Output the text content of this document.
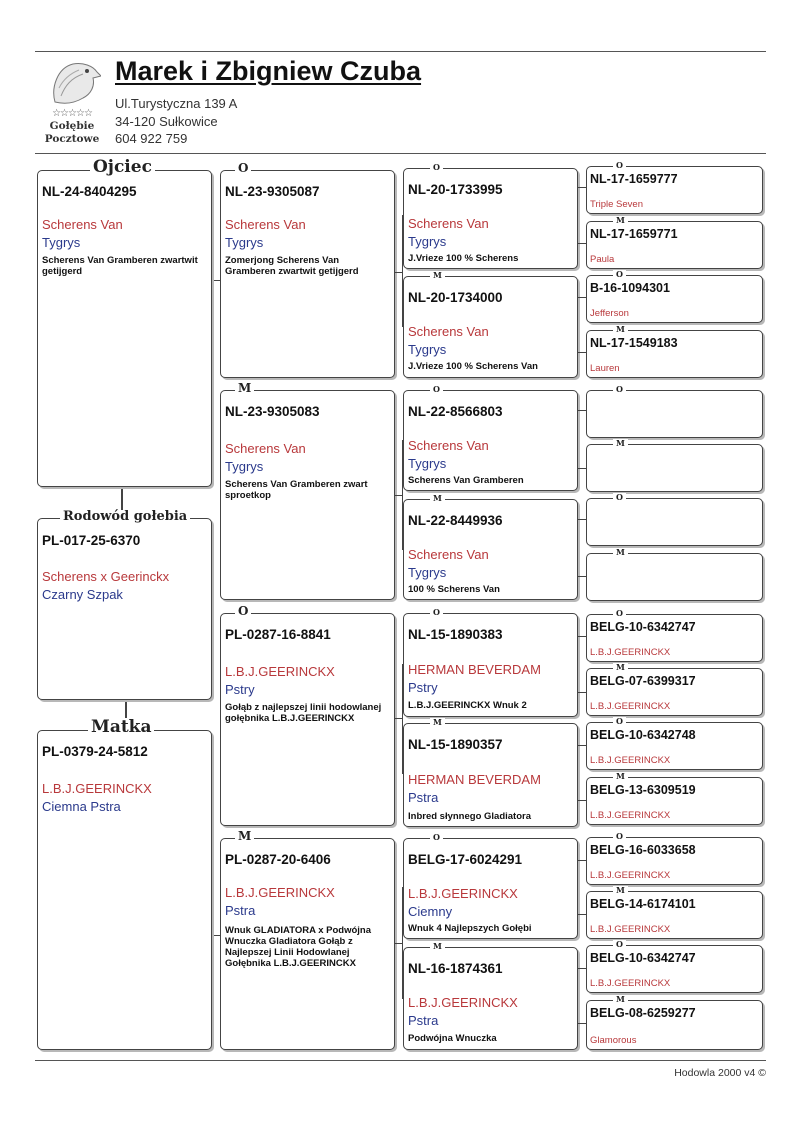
☆☆☆☆☆
Gołębie
Pocztowe
Marek i Zbigniew Czuba
Ul.Turystyczna 139 A
34-120 Sułkowice
604 922 759
Ojciec
NL-24-8404295
Scherens Van
Tygrys
Scherens Van Gramberen zwartwit getijgerd
Rodowód gołebia
PL-017-25-6370
Scherens x Geerinckx
Czarny Szpak
Matka
PL-0379-24-5812
L.B.J.GEERINCKX
Ciemna Pstra
O
NL-23-9305087
Scherens Van
Tygrys
Zomerjong Scherens Van Gramberen zwartwit getijgerd
M
NL-23-9305083
Scherens Van
Tygrys
Scherens Van Gramberen zwart sproetkop
O
PL-0287-16-8841
L.B.J.GEERINCKX
Pstry
Gołąb z najlepszej linii hodowlanej gołębnika L.B.J.GEERINCKX
M
PL-0287-20-6406
L.B.J.GEERINCKX
Pstra
Wnuk GLADIATORA x Podwójna Wnuczka Gladiatora Gołąb z Najlepszej Linii Hodowlanej Gołębnika L.B.J.GEERINCKX
O
NL-20-1733995
Scherens Van
Tygrys
J.Vrieze 100 % Scherens
M
NL-20-1734000
Scherens Van
Tygrys
J.Vrieze 100 % Scherens Van
O
NL-22-8566803
Scherens Van
Tygrys
Scherens Van Gramberen
M
NL-22-8449936
Scherens Van
Tygrys
100 % Scherens Van
O
NL-15-1890383
HERMAN BEVERDAM
Pstry
L.B.J.GEERINCKX Wnuk 2
M
NL-15-1890357
HERMAN BEVERDAM
Pstra
Inbred słynnego Gladiatora
O
BELG-17-6024291
L.B.J.GEERINCKX
Ciemny
Wnuk 4 Najlepszych Gołębi
M
NL-16-1874361
L.B.J.GEERINCKX
Pstra
Podwójna Wnuczka
O
NL-17-1659777
Triple Seven
M
NL-17-1659771
Paula
O
B-16-1094301
Jefferson
M
NL-17-1549183
Lauren
O
M
O
M
O
BELG-10-6342747
L.B.J.GEERINCKX
M
BELG-07-6399317
L.B.J.GEERINCKX
O
BELG-10-6342748
L.B.J.GEERINCKX
M
BELG-13-6309519
L.B.J.GEERINCKX
O
BELG-16-6033658
L.B.J.GEERINCKX
M
BELG-14-6174101
L.B.J.GEERINCKX
O
BELG-10-6342747
L.B.J.GEERINCKX
M
BELG-08-6259277
Glamorous
Hodowla 2000 v4 ©
